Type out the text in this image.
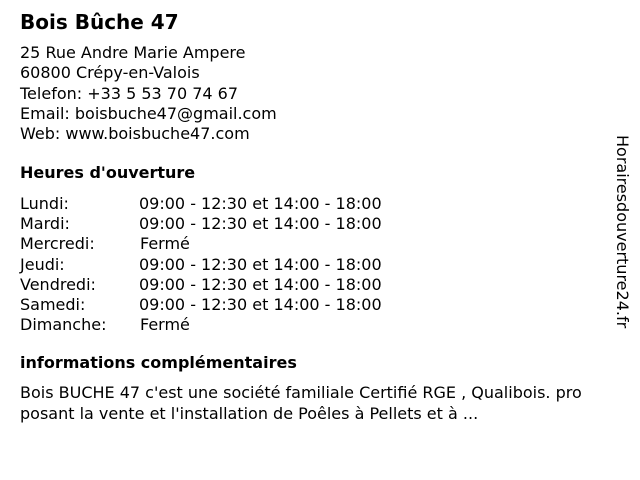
Bois Bûche 47
25 Rue Andre Marie Ampere
60800 Crépy-en-Valois
Telefon: +33 5 53 70 74 67
Email: boisbuche47@gmail.com
Web: www.boisbuche47.com
Heures d'ouverture
Lundi:	09:00 - 12:30 et 14:00 - 18:00
Mardi:	09:00 - 12:30 et 14:00 - 18:00
Mercredi:	Fermé
Jeudi:	09:00 - 12:30 et 14:00 - 18:00
Vendredi:	09:00 - 12:30 et 14:00 - 18:00
Samedi:	09:00 - 12:30 et 14:00 - 18:00
Dimanche: Fermé
informations complémentaires
Bois BUCHE 47 c'est une société familiale Certifié RGE , Qualibois. proposant la vente et l'installation de Poêles à Pellets et à ...
Horairesdouverture24.fr
